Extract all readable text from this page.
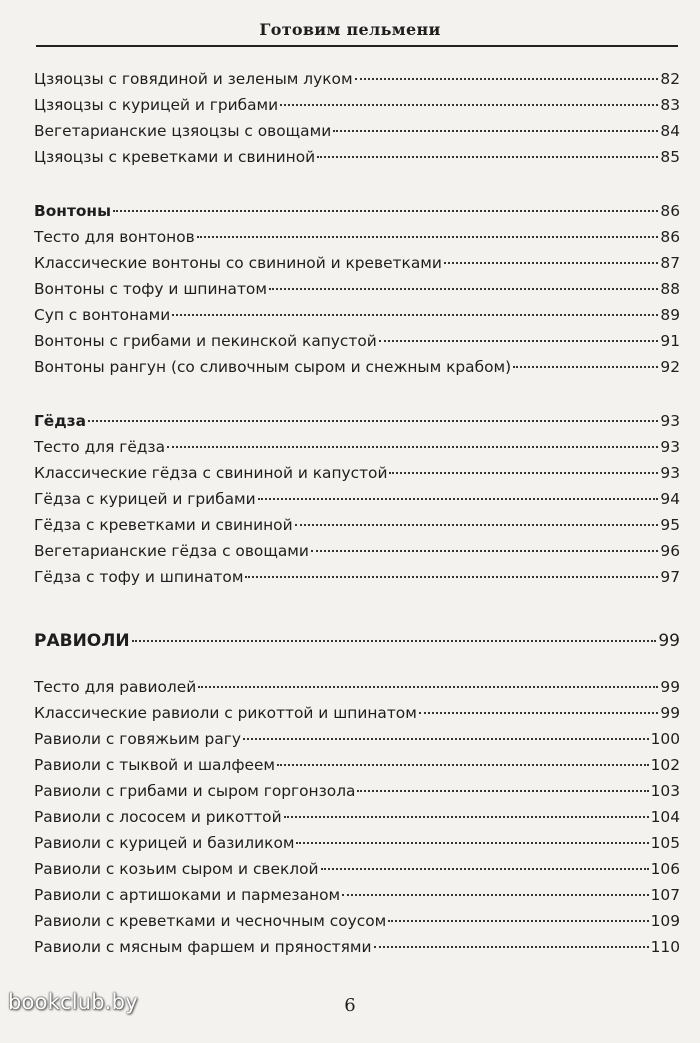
Готовим пельмени
Цзяоцзы с говядиной и зеленым луком	82
Цзяоцзы с курицей и грибами	83
Вегетарианские цзяоцзы с овощами	84
Цзяоцзы с креветками и свининой	85
Вонтоны	86
Тесто для вонтонов	86
Классические вонтоны со свининой и креветками	87
Вонтоны с тофу и шпинатом	88
Суп с вонтонами	89
Вонтоны с грибами и пекинской капустой	91
Вонтоны рангун (со сливочным сыром и снежным крабом)	92
Гёдза	93
Тесто для гёдза	93
Классические гёдза с свининой и капустой	93
Гёдза с курицей и грибами	94
Гёдза с креветками и свининой	95
Вегетарианские гёдза с овощами	96
Гёдза с тофу и шпинатом	97
РАВИОЛИ	99
Тесто для равиолей	99
Классические равиоли с рикоттой и шпинатом	99
Равиоли с говяжьим рагу	100
Равиоли с тыквой и шалфеем	102
Равиоли с грибами и сыром горгонзола	103
Равиоли с лососем и рикоттой	104
Равиоли с курицей и базиликом	105
Равиоли с козьим сыром и свеклой	106
Равиоли с артишоками и пармезаном	107
Равиоли с креветками и чесночным соусом	109
Равиоли с мясным фаршем и пряностями	110
6
bookclub.by
